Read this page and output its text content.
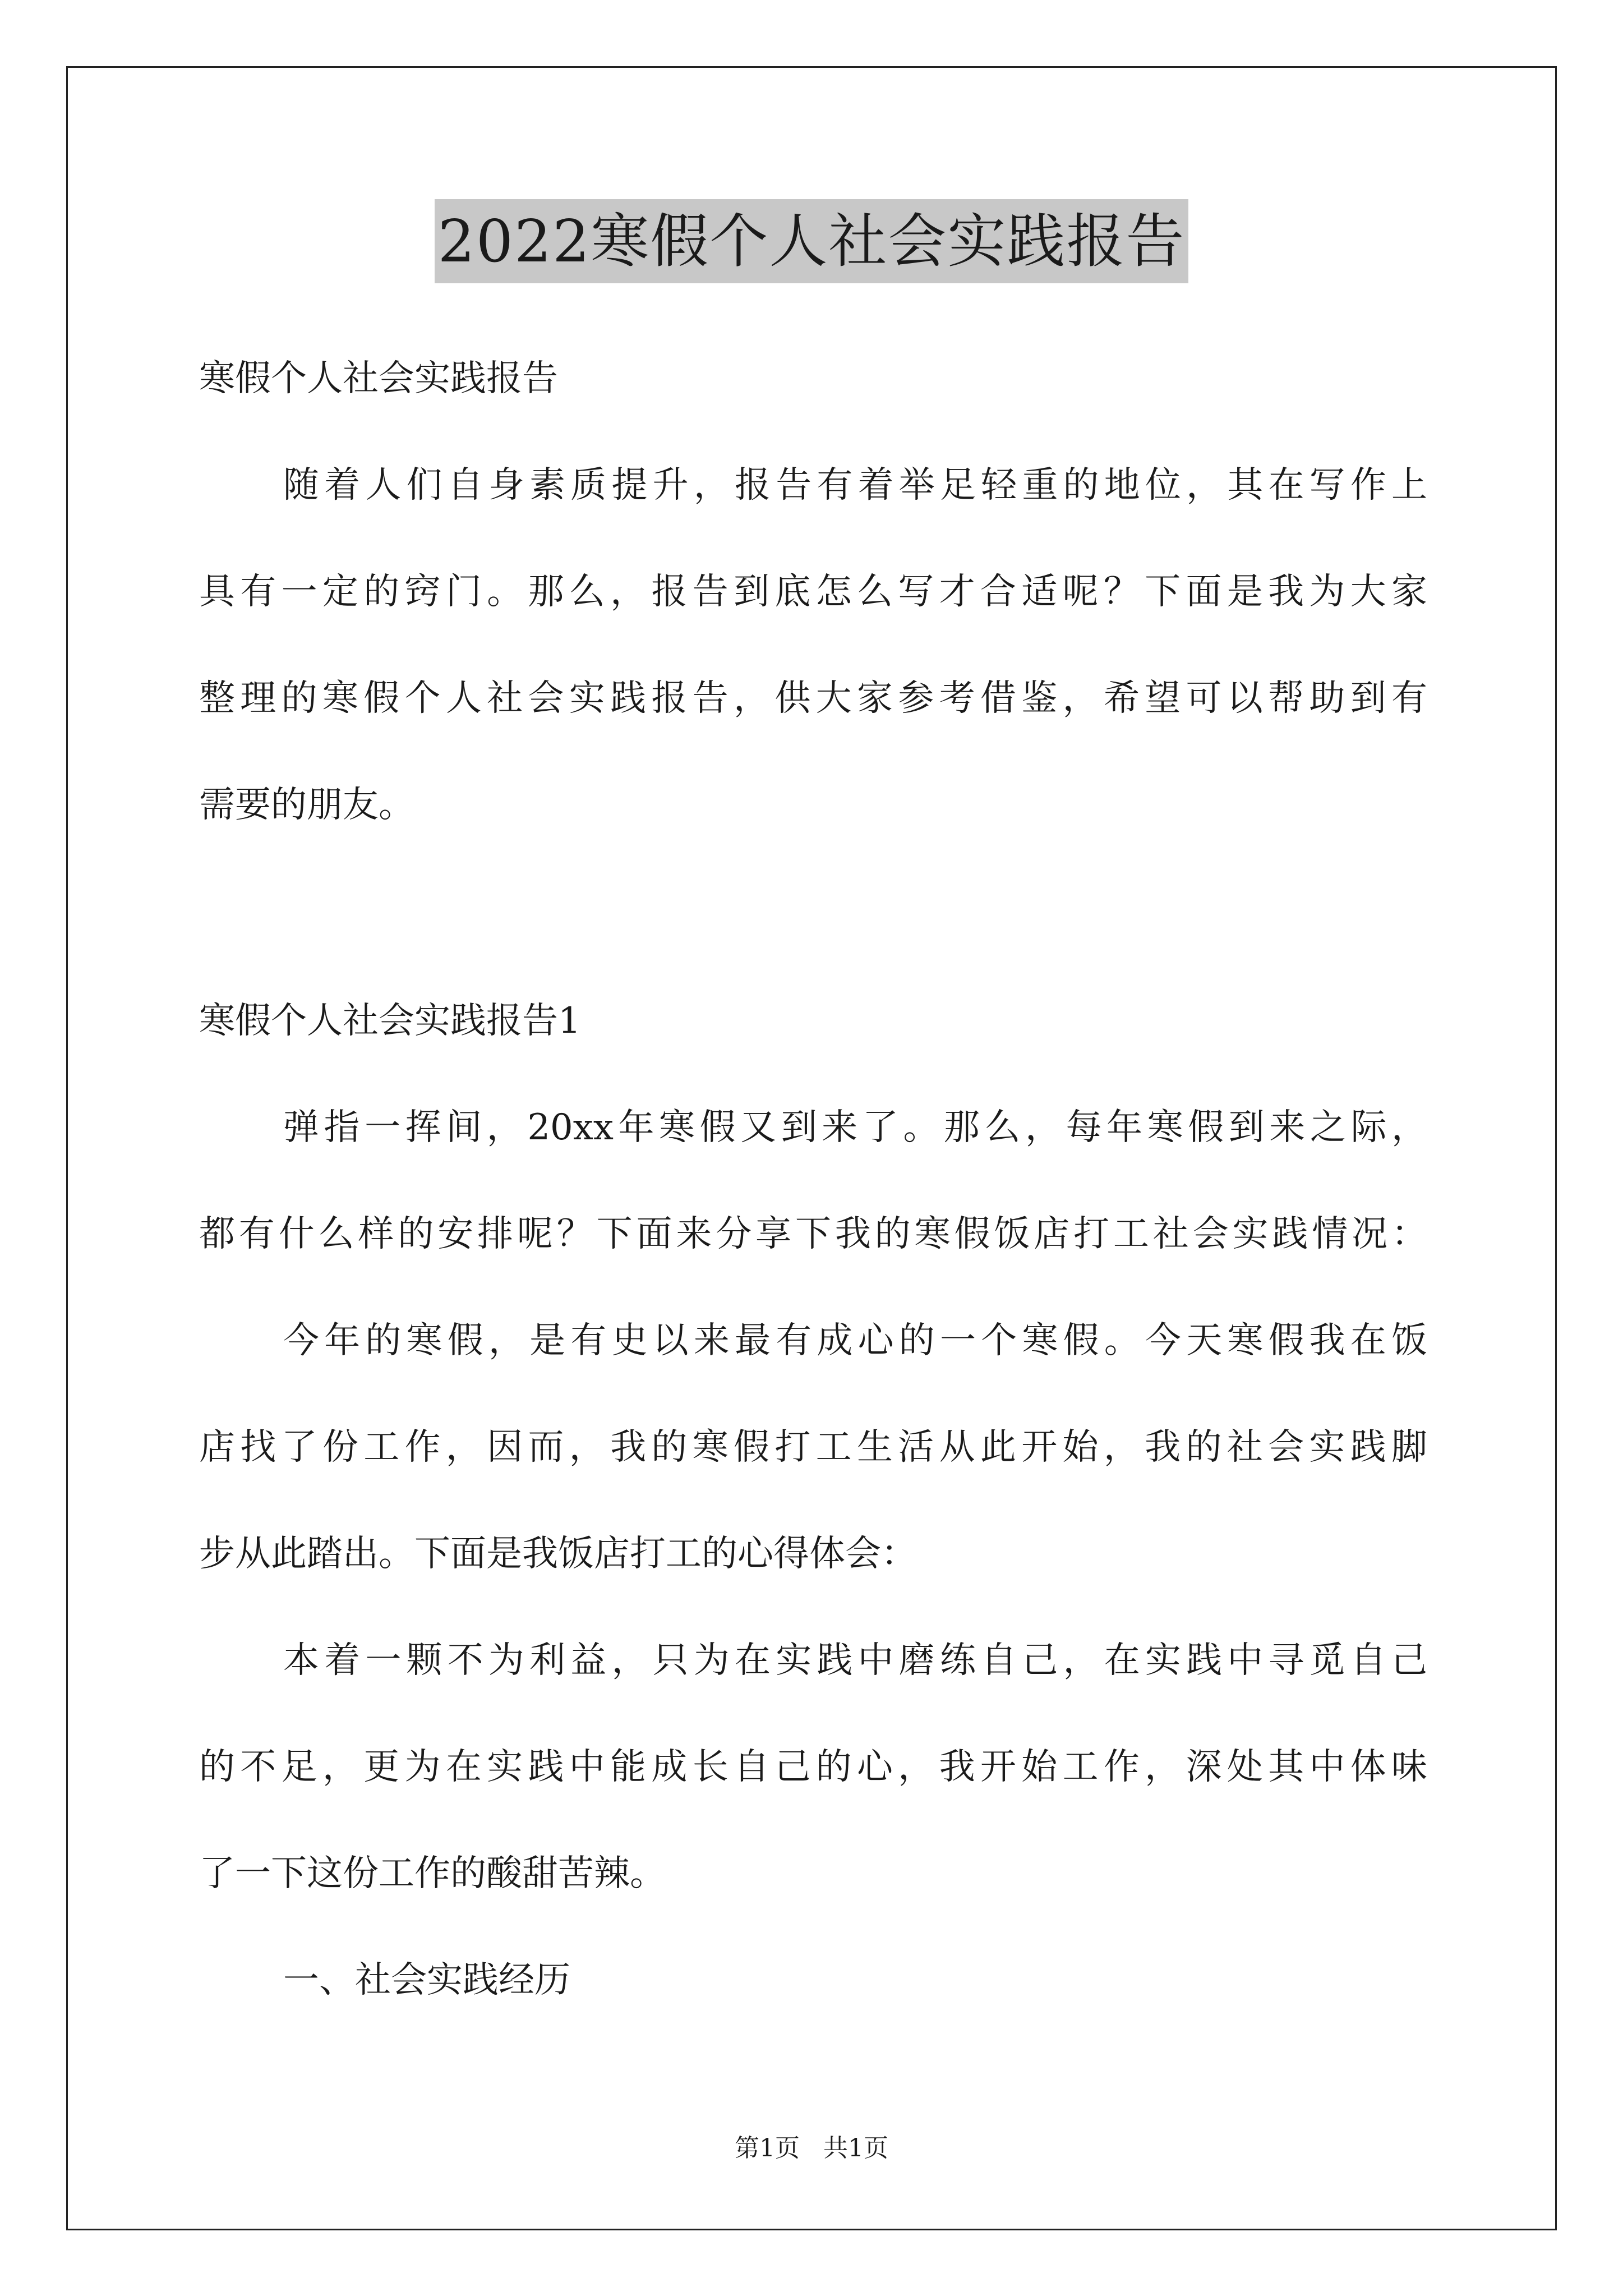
2022寒假个人社会实践报告
寒假个人社会实践报告
随着人们自身素质提升，报告有着举足轻重的地位，其在写作上
具有一定的窍门。那么，报告到底怎么写才合适呢？下面是我为大家
整理的寒假个人社会实践报告，供大家参考借鉴，希望可以帮助到有
需要的朋友。
寒假个人社会实践报告1
弹指一挥间，20xx年寒假又到来了。那么，每年寒假到来之际，
都有什么样的安排呢？下面来分享下我的寒假饭店打工社会实践情况：
今年的寒假，是有史以来最有成心的一个寒假。今天寒假我在饭
店找了份工作，因而，我的寒假打工生活从此开始，我的社会实践脚
步从此踏出。下面是我饭店打工的心得体会：
本着一颗不为利益，只为在实践中磨练自己，在实践中寻觅自己
的不足，更为在实践中能成长自己的心，我开始工作，深处其中体味
了一下这份工作的酸甜苦辣。
一、社会实践经历
第1页   共1页
